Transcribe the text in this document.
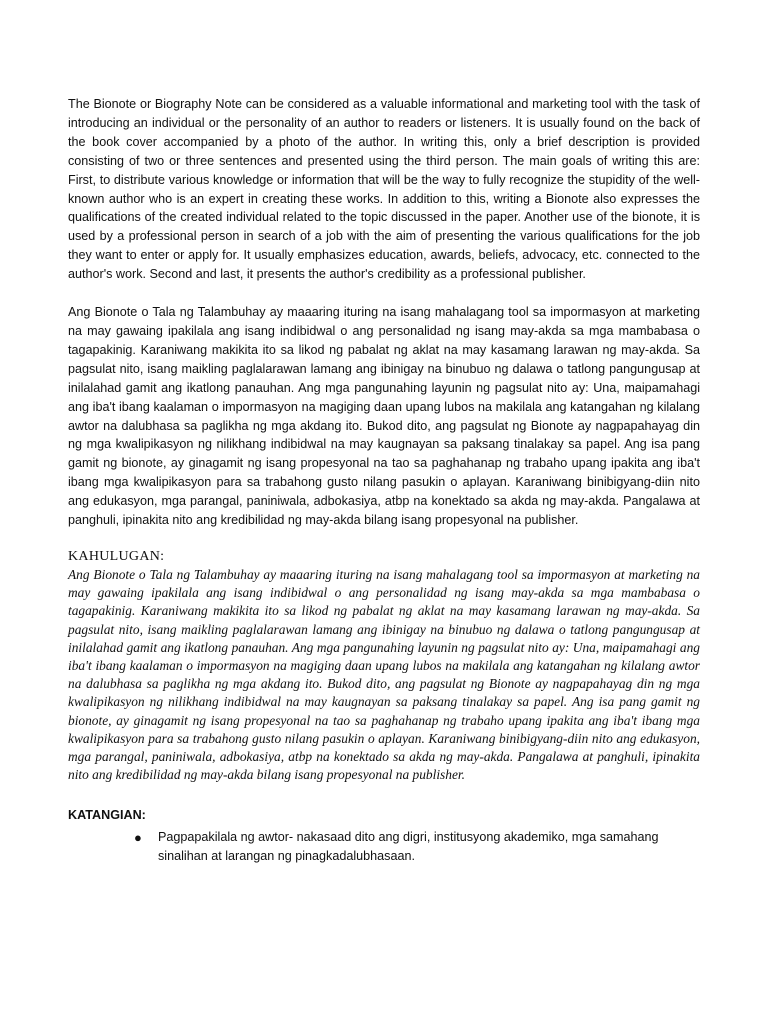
The Bionote or Biography Note can be considered as a valuable informational and marketing tool with the task of introducing an individual or the personality of an author to readers or listeners. It is usually found on the back of the book cover accompanied by a photo of the author. In writing this, only a brief description is provided consisting of two or three sentences and presented using the third person. The main goals of writing this are: First, to distribute various knowledge or information that will be the way to fully recognize the stupidity of the well-known author who is an expert in creating these works. In addition to this, writing a Bionote also expresses the qualifications of the created individual related to the topic discussed in the paper. Another use of the bionote, it is used by a professional person in search of a job with the aim of presenting the various qualifications for the job they want to enter or apply for. It usually emphasizes education, awards, beliefs, advocacy, etc. connected to the author's work. Second and last, it presents the author's credibility as a professional publisher.

Ang Bionote o Tala ng Talambuhay ay maaaring ituring na isang mahalagang tool sa impormasyon at marketing na may gawaing ipakilala ang isang indibidwal o ang personalidad ng isang may-akda sa mga mambabasa o tagapakinig. Karaniwang makikita ito sa likod ng pabalat ng aklat na may kasamang larawan ng may-akda. Sa pagsulat nito, isang maikling paglalarawan lamang ang ibinigay na binubuo ng dalawa o tatlong pangungusap at inilalahad gamit ang ikatlong panauhan. Ang mga pangunahing layunin ng pagsulat nito ay: Una, maipamahagi ang iba't ibang kaalaman o impormasyon na magiging daan upang lubos na makilala ang katangahan ng kilalang awtor na dalubhasa sa paglikha ng mga akdang ito. Bukod dito, ang pagsulat ng Bionote ay nagpapahayag din ng mga kwalipikasyon ng nilikhang indibidwal na may kaugnayan sa paksang tinalakay sa papel. Ang isa pang gamit ng bionote, ay ginagamit ng isang propesyonal na tao sa paghahanap ng trabaho upang ipakita ang iba't ibang mga kwalipikasyon para sa trabahong gusto nilang pasukin o aplayan. Karaniwang binibigyang-diin nito ang edukasyon, mga parangal, paniniwala, adbokasiya, atbp na konektado sa akda ng may-akda. Pangalawa at panghuli, ipinakita nito ang kredibilidad ng may-akda bilang isang propesyonal na publisher.

KAHULUGAN:

Ang Bionote o Tala ng Talambuhay ay maaaring ituring na isang mahalagang tool sa impormasyon at marketing na may gawaing ipakilala ang isang indibidwal o ang personalidad ng isang may-akda sa mga mambabasa o tagapakinig. Karaniwang makikita ito sa likod ng pabalat ng aklat na may kasamang larawan ng may-akda. Sa pagsulat nito, isang maikling paglalarawan lamang ang ibinigay na binubuo ng dalawa o tatlong pangungusap at inilalahad gamit ang ikatlong panauhan. Ang mga pangunahing layunin ng pagsulat nito ay: Una, maipamahagi ang iba't ibang kaalaman o impormasyon na magiging daan upang lubos na makilala ang katangahan ng kilalang awtor na dalubhasa sa paglikha ng mga akdang ito. Bukod dito, ang pagsulat ng Bionote ay nagpapahayag din ng mga kwalipikasyon ng nilikhang indibidwal na may kaugnayan sa paksang tinalakay sa papel. Ang isa pang gamit ng bionote, ay ginagamit ng isang propesyonal na tao sa paghahanap ng trabaho upang ipakita ang iba't ibang mga kwalipikasyon para sa trabahong gusto nilang pasukin o aplayan. Karaniwang binibigyang-diin nito ang edukasyon, mga parangal, paniniwala, adbokasiya, atbp na konektado sa akda ng may-akda. Pangalawa at panghuli, ipinakita nito ang kredibilidad ng may-akda bilang isang propesyonal na publisher.

KATANGIAN:

● Pagpapakilala ng awtor- nakasaad dito ang digri, institusyong akademiko, mga samahang sinalihan at larangan ng pinagkadalubhasaan.
